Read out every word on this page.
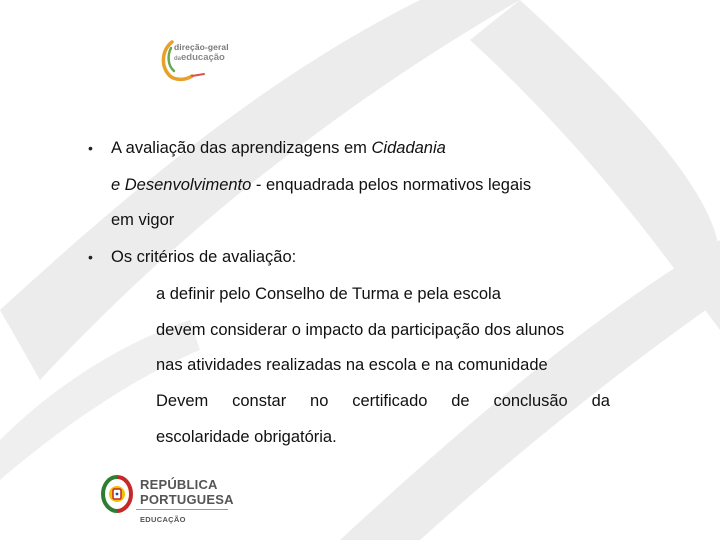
direção-geral
daeducação
• A avaliação das aprendizagens em Cidadania
e Desenvolvimento - enquadrada pelos normativos legais
em vigor
• Os critérios de avaliação:
a definir pelo Conselho de Turma e pela escola
devem considerar o impacto da participação dos alunos
nas atividades realizadas na escola e na comunidade
Devem constar no certificado de conclusão da
escolaridade obrigatória.
REPÚBLICA
PORTUGUESA
EDUCAÇÃO
